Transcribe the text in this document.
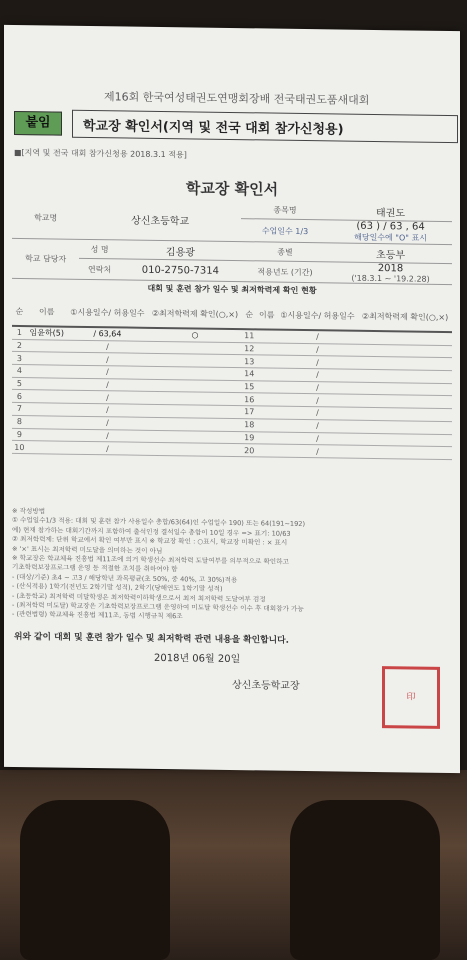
제16회 한국여성태권도연맹회장배 전국태권도품새대회
붙임	학교장 확인서(지역 및 전국 대회 참가신청용)
■[지역 및 전국 대회 참가신청용 2018.3.1 적용]
학교장 확인서
학교명	상신초등학교		종목명	태권도
			수업일수 1/3	(63 ) / 63 , 64
해당일수에 "O" 표시

학교 담당자	성 명	김용광	종별	초등부
	연락처	010-2750-7314	적용년도 (기간)	2018
('18.3.1 ~ '19.2.28)
대회 및 훈련 참가 일수 및 최저학력제 확인 현황
순	이름	①시용일수/ 허용일수	②최저학력제 확인(○,×)	순	이름	①시용일수/ 허용일수	②최저학력제 확인(○,×)
1	임윤하(5)	/ 63,64	○	11		/	
2		/		12		/	
3		/		13		/	
4		/		14		/	
5		/		15		/	
6		/		16		/	
7		/		17		/	
8		/		18		/	
9		/		19		/	
10		/		20		/	
※ 작성방법
① 수업일수1/3 적용: 대회 및 훈련 참가 사용일수 총합/63(64)인 수업일수 190) 또는 64(191~192)
예) 현재 참가하는 대회기간까지 포함하여 출석인정 결석일수 총합이 10일 경우 => 표기: 10/63
② 최저학력제: 단위 학교에서 확인 여부만 표시 ※ 학교장 확인 : ○표시, 학교장 미확인 : × 표시
※ '×' 표시는 최저학력 미도달을 의미하는 것이 아님
※ 학교장은 학교체육 진흥법 제11조에 의거 학생선수 최저학력 도달여부를 의무적으로 확인하고
기초학력보장프로그램 운영 등 적절한 조치를 취하여야 함
- (대상/기준) 초4 ~ 고3 / 해당학년 과목평균(초 50%, 중 40%, 고 30%)적용
- (산식적용) 1학기(전년도 2학기말 성적), 2학기(당해연도 1학기말 성적)
- (초등학교) 최저학력 미달학생은 최저학력이하학생으로서 최저 최저학력 도달여부 검정
- (최저학력 미도달) 학교장은 기초학력보장프로그램 운영하여 미도달 학생선수 이수 후 대회참가 가능
- (관련법령) 학교체육 진흥법 제11조, 동법 시행규칙 제6조
위와 같이 대회 및 훈련 참가 일수 및 최저학력 관련 내용을 확인합니다.
2018년 06월 20일
상신초등학교장
印
